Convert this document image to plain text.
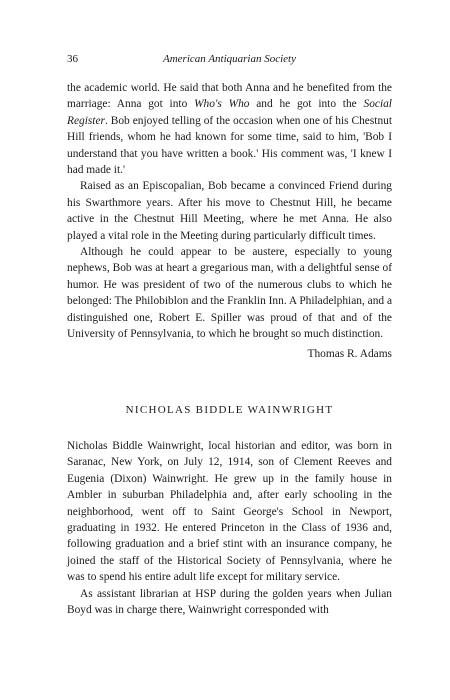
36	American Antiquarian Society

the academic world. He said that both Anna and he benefited from the marriage: Anna got into Who's Who and he got into the Social Register. Bob enjoyed telling of the occasion when one of his Chestnut Hill friends, whom he had known for some time, said to him, 'Bob I understand that you have written a book.' His comment was, 'I knew I had made it.'

Raised as an Episcopalian, Bob became a convinced Friend during his Swarthmore years. After his move to Chestnut Hill, he became active in the Chestnut Hill Meeting, where he met Anna. He also played a vital role in the Meeting during particularly difficult times.

Although he could appear to be austere, especially to young nephews, Bob was at heart a gregarious man, with a delightful sense of humor. He was president of two of the numerous clubs to which he belonged: The Philobiblon and the Franklin Inn. A Philadelphian, and a distinguished one, Robert E. Spiller was proud of that and of the University of Pennsylvania, to which he brought so much distinction.

Thomas R. Adams

NICHOLAS BIDDLE WAINWRIGHT

Nicholas Biddle Wainwright, local historian and editor, was born in Saranac, New York, on July 12, 1914, son of Clement Reeves and Eugenia (Dixon) Wainwright. He grew up in the family house in Ambler in suburban Philadelphia and, after early schooling in the neighborhood, went off to Saint George's School in Newport, graduating in 1932. He entered Princeton in the Class of 1936 and, following graduation and a brief stint with an insurance company, he joined the staff of the Historical Society of Pennsylvania, where he was to spend his entire adult life except for military service.

As assistant librarian at HSP during the golden years when Julian Boyd was in charge there, Wainwright corresponded with
